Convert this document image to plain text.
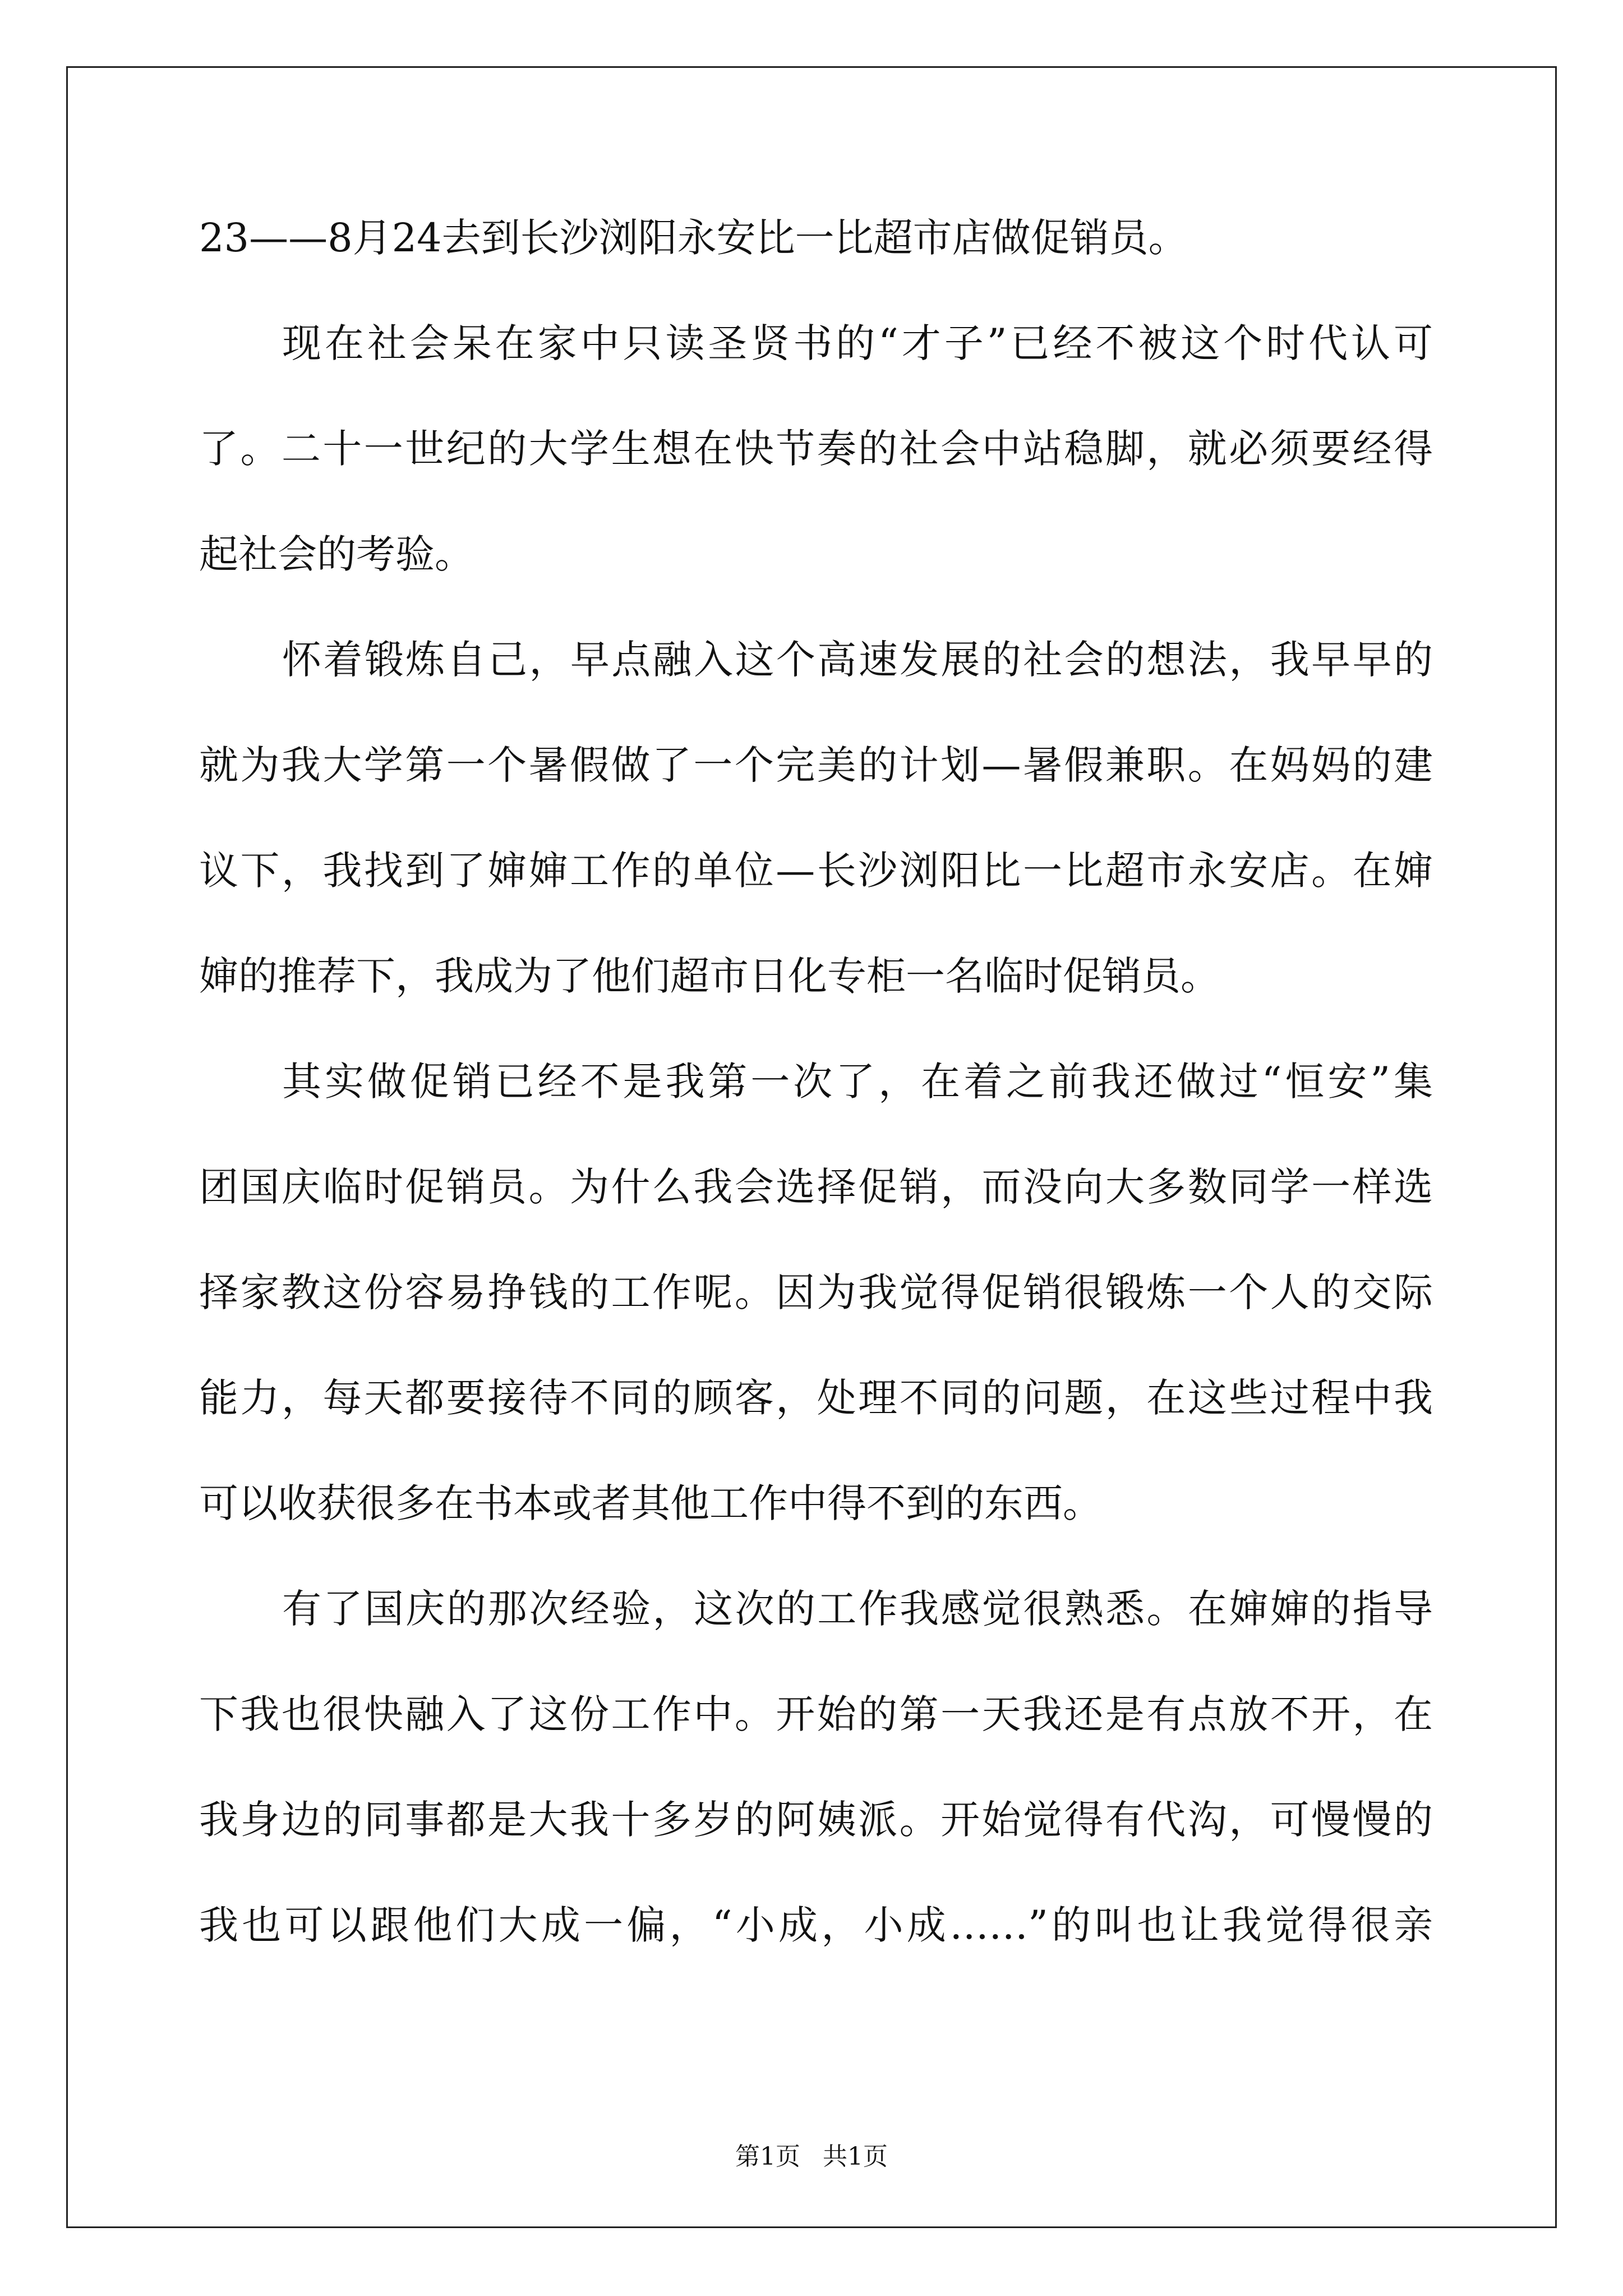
23——8月24去到长沙浏阳永安比一比超市店做促销员。
现在社会呆在家中只读圣贤书的“才子”已经不被这个时代认可
了。二十一世纪的大学生想在快节奏的社会中站稳脚，就必须要经得
起社会的考验。
怀着锻炼自己，早点融入这个高速发展的社会的想法，我早早的
就为我大学第一个暑假做了一个完美的计划—暑假兼职。在妈妈的建
议下，我找到了婶婶工作的单位—长沙浏阳比一比超市永安店。在婶
婶的推荐下，我成为了他们超市日化专柜一名临时促销员。
其实做促销已经不是我第一次了，在着之前我还做过“恒安”集
团国庆临时促销员。为什么我会选择促销，而没向大多数同学一样选
择家教这份容易挣钱的工作呢。因为我觉得促销很锻炼一个人的交际
能力，每天都要接待不同的顾客，处理不同的问题，在这些过程中我
可以收获很多在书本或者其他工作中得不到的东西。
有了国庆的那次经验，这次的工作我感觉很熟悉。在婶婶的指导
下我也很快融入了这份工作中。开始的第一天我还是有点放不开，在
我身边的同事都是大我十多岁的阿姨派。开始觉得有代沟，可慢慢的
我也可以跟他们大成一偏，“小成，小成……”的叫也让我觉得很亲
第1页 共1页
